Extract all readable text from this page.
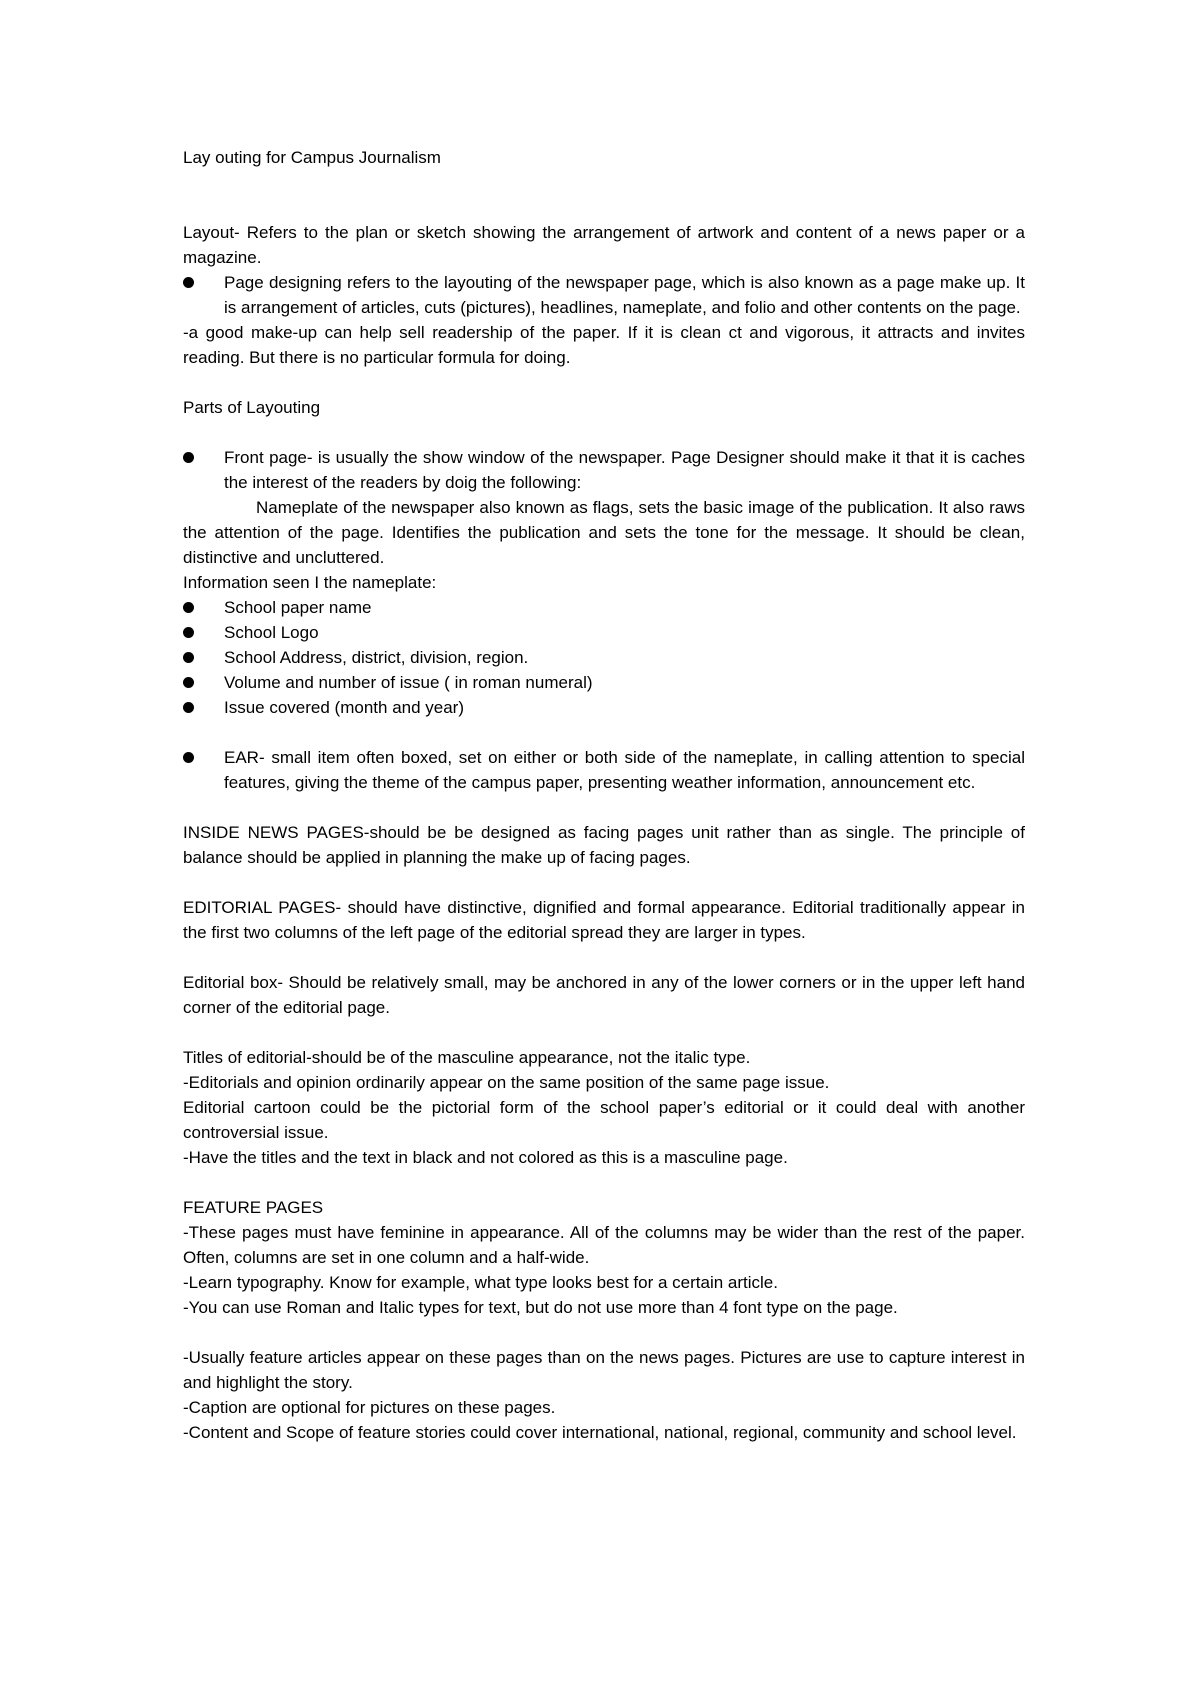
Lay outing for Campus Journalism

Layout- Refers to the plan or sketch showing the arrangement of artwork and content of a news paper or a magazine.

Page designing refers to the layouting of the newspaper page, which is also known as a page make up. It is arrangement of articles, cuts (pictures), headlines, nameplate, and folio and other contents on the page.

-a good make-up can help sell readership of the paper. If it is clean ct and vigorous, it attracts and invites reading. But there is no particular formula for doing.

Parts of Layouting

Front page- is usually the show window of the newspaper. Page Designer should make it that it is caches the interest of the readers by doig the following:

Nameplate of the newspaper also known as flags, sets the basic image of the publication. It also raws the attention of the page. Identifies the publication and sets the tone for the message. It should be clean, distinctive and uncluttered.

Information seen I the nameplate:

School paper name
School Logo
School Address, district, division, region.
Volume and number of issue ( in roman numeral)
Issue covered (month and year)
EAR- small item often boxed, set on either or both side of the nameplate, in calling attention to special features, giving the theme of the campus paper, presenting weather information, announcement etc.

INSIDE NEWS PAGES-should be be designed as facing pages unit rather than as single. The principle of balance should be applied in planning the make up of facing pages.

EDITORIAL PAGES- should have distinctive, dignified and formal appearance. Editorial traditionally appear in the first two columns of the left page of the editorial spread they are larger in types.

Editorial box- Should be relatively small, may be anchored in any of the lower corners or in the upper left hand corner of the editorial page.

Titles of editorial-should be of the masculine appearance, not the italic type.

-Editorials and opinion ordinarily appear on the same position of the same page issue.

Editorial cartoon could be the pictorial form of the school paper’s editorial or it could deal with another controversial issue.

-Have the titles and the text in black and not colored as this is a masculine page.

FEATURE PAGES

-These pages must have feminine in appearance. All of the columns may be wider than the rest of the paper. Often, columns are set in one column and a half-wide.

-Learn typography. Know for example, what type looks best for a certain article.

-You can use Roman and Italic types for text, but do not use more than 4 font type on the page.

-Usually feature articles appear on these pages than on the news pages. Pictures are use to capture interest in and highlight the story.

-Caption are optional for pictures on these pages.

-Content and Scope of feature stories could cover international, national, regional, community and school level.
